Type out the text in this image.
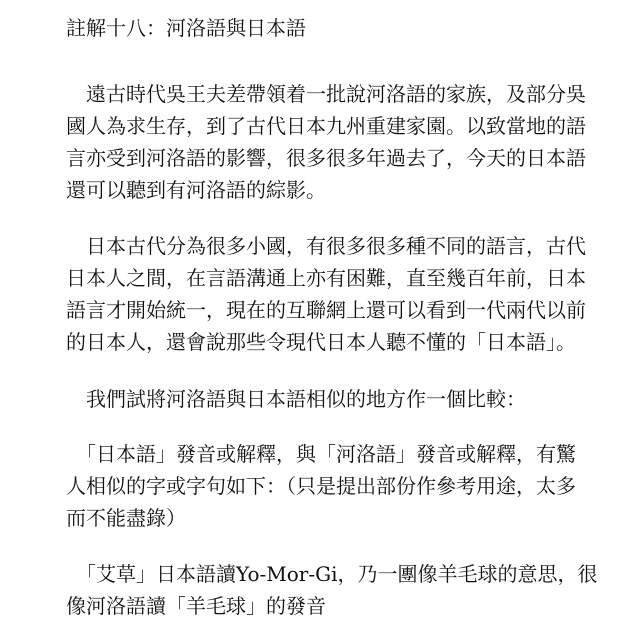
註解十八：河洛語與日本語
　遠古時代吳王夫差帶領着一批說河洛語的家族，及部分吳
國人為求生存，到了古代日本九州重建家園。以致當地的語
言亦受到河洛語的影響，很多很多年過去了，今天的日本語
還可以聽到有河洛語的綜影。
　日本古代分為很多小國，有很多很多種不同的語言，古代
日本人之間，在言語溝通上亦有困難，直至幾百年前，日本
語言才開始統一，現在的互聯網上還可以看到一代兩代以前
的日本人，還會說那些令現代日本人聽不懂的「日本語」。
　我們試將河洛語與日本語相似的地方作一個比較：
　「日本語」發音或解釋，與「河洛語」發音或解釋，有驚
人相似的字或字句如下：（只是提出部份作參考用途，太多
而不能盡錄）
　「艾草」日本語讀Yo-Mor-Gi，乃一團像羊毛球的意思，很
像河洛語讀「羊毛球」的發音
